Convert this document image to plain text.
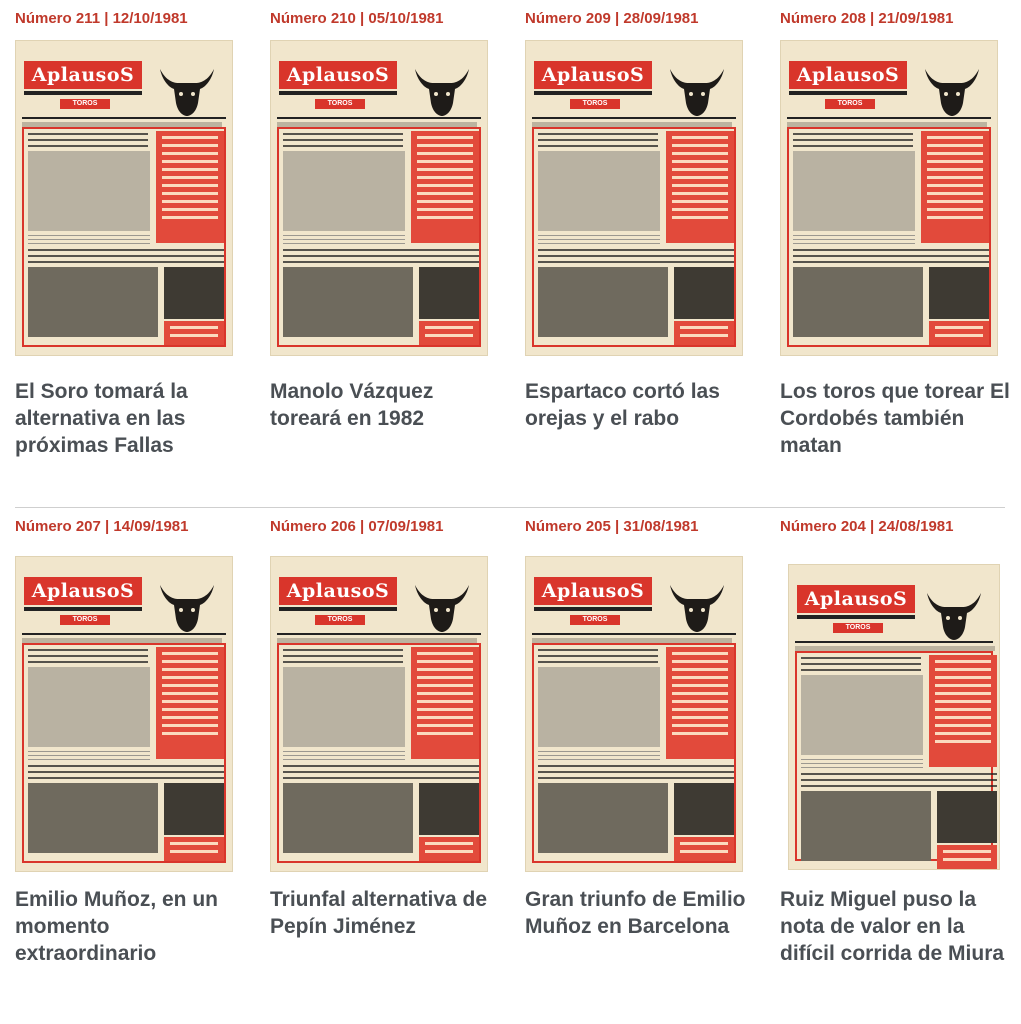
Número 211 | 12/10/1981
AplausoS
TOROS
El Soro tomará la alternativa en las próximas Fallas
Número 210 | 05/10/1981
AplausoS
TOROS
Manolo Vázquez toreará en 1982
Número 209 | 28/09/1981
AplausoS
TOROS
Espartaco cortó las orejas y el rabo
Número 208 | 21/09/1981
AplausoS
TOROS
Los toros que torear El Cordobés también matan
Número 207 | 14/09/1981
AplausoS
TOROS
Emilio Muñoz, en un momento extraordinario
Número 206 | 07/09/1981
AplausoS
TOROS
Triunfal alternativa de Pepín Jiménez
Número 205 | 31/08/1981
AplausoS
TOROS
Gran triunfo de Emilio Muñoz en Barcelona
Número 204 | 24/08/1981
AplausoS
TOROS
Ruiz Miguel puso la nota de valor en la difícil corrida de Miura
